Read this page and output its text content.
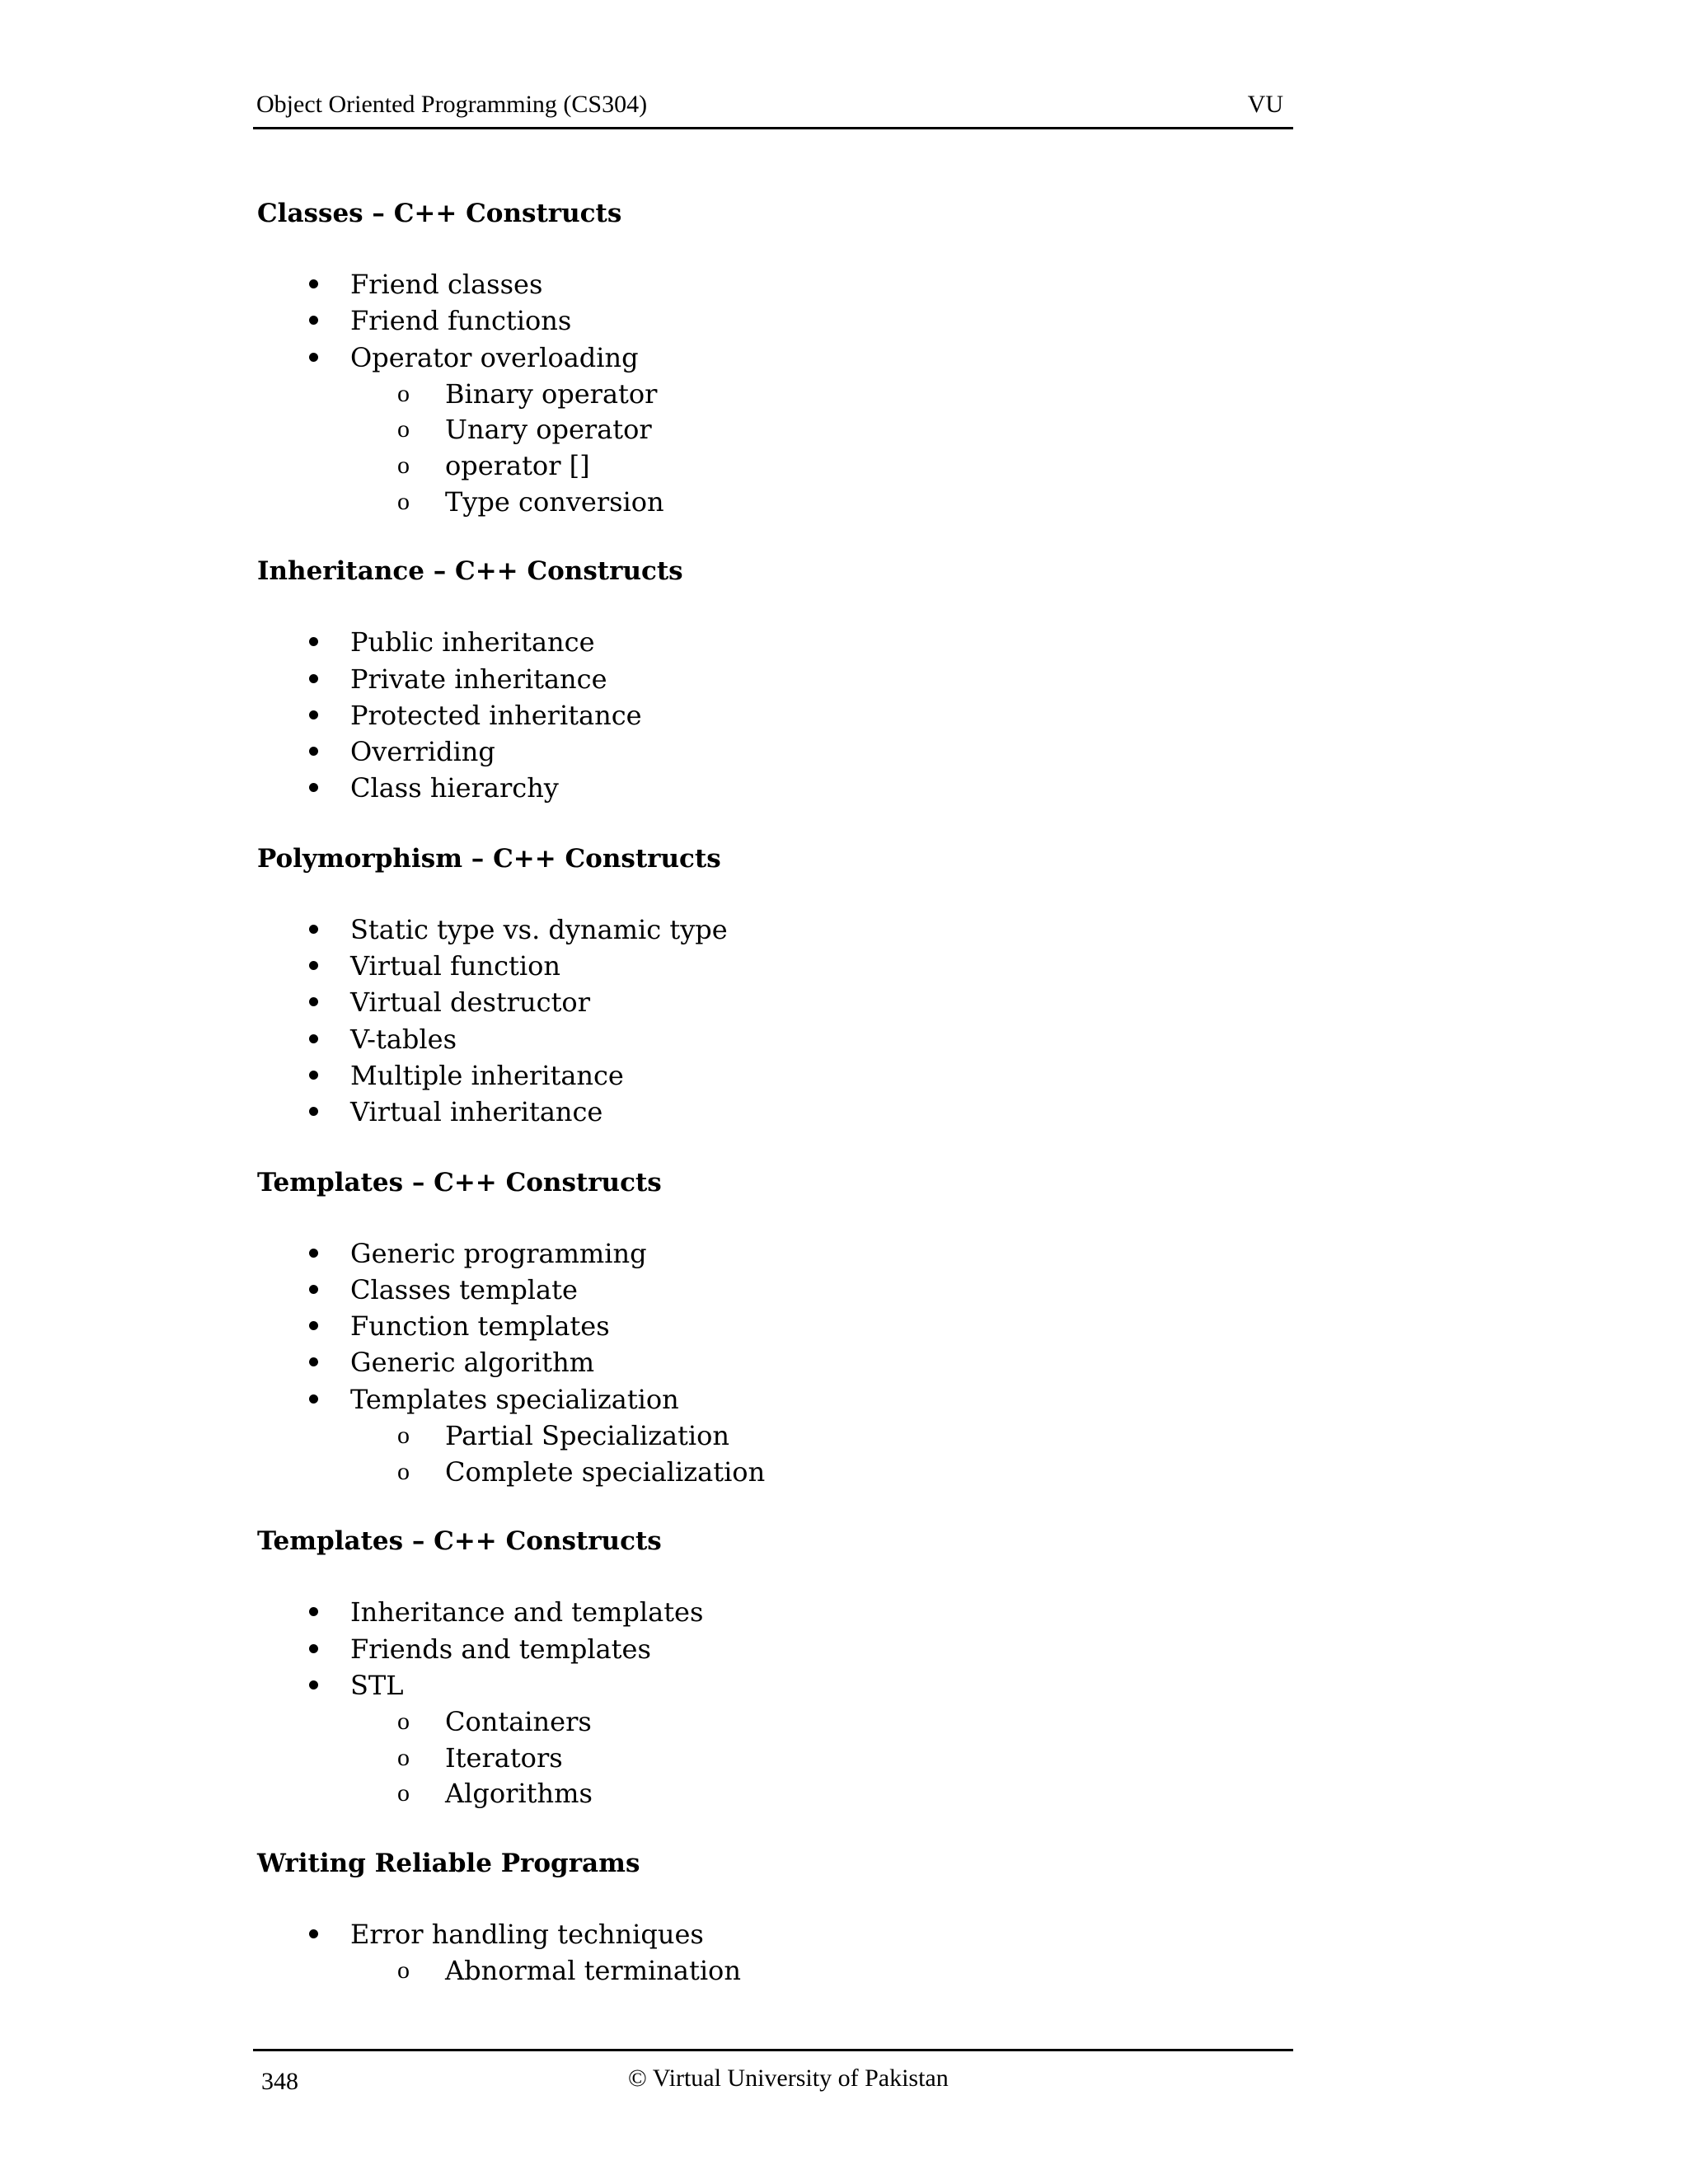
Object Oriented Programming (CS304)	VU
Classes – C++ Constructs
Friend classes
Friend functions
Operator overloading
o Binary operator
o Unary operator
o operator []
o Type conversion
Inheritance – C++ Constructs
Public inheritance
Private inheritance
Protected inheritance
Overriding
Class hierarchy
Polymorphism – C++ Constructs
Static type vs. dynamic type
Virtual function
Virtual destructor
V-tables
Multiple inheritance
Virtual inheritance
Templates – C++ Constructs
Generic programming
Classes template
Function templates
Generic algorithm
Templates specialization
o Partial Specialization
o Complete specialization
Templates – C++ Constructs
Inheritance and templates
Friends and templates
STL
o Containers
o Iterators
o Algorithms
Writing Reliable Programs
Error handling techniques
o Abnormal termination
348	© Virtual University of Pakistan
